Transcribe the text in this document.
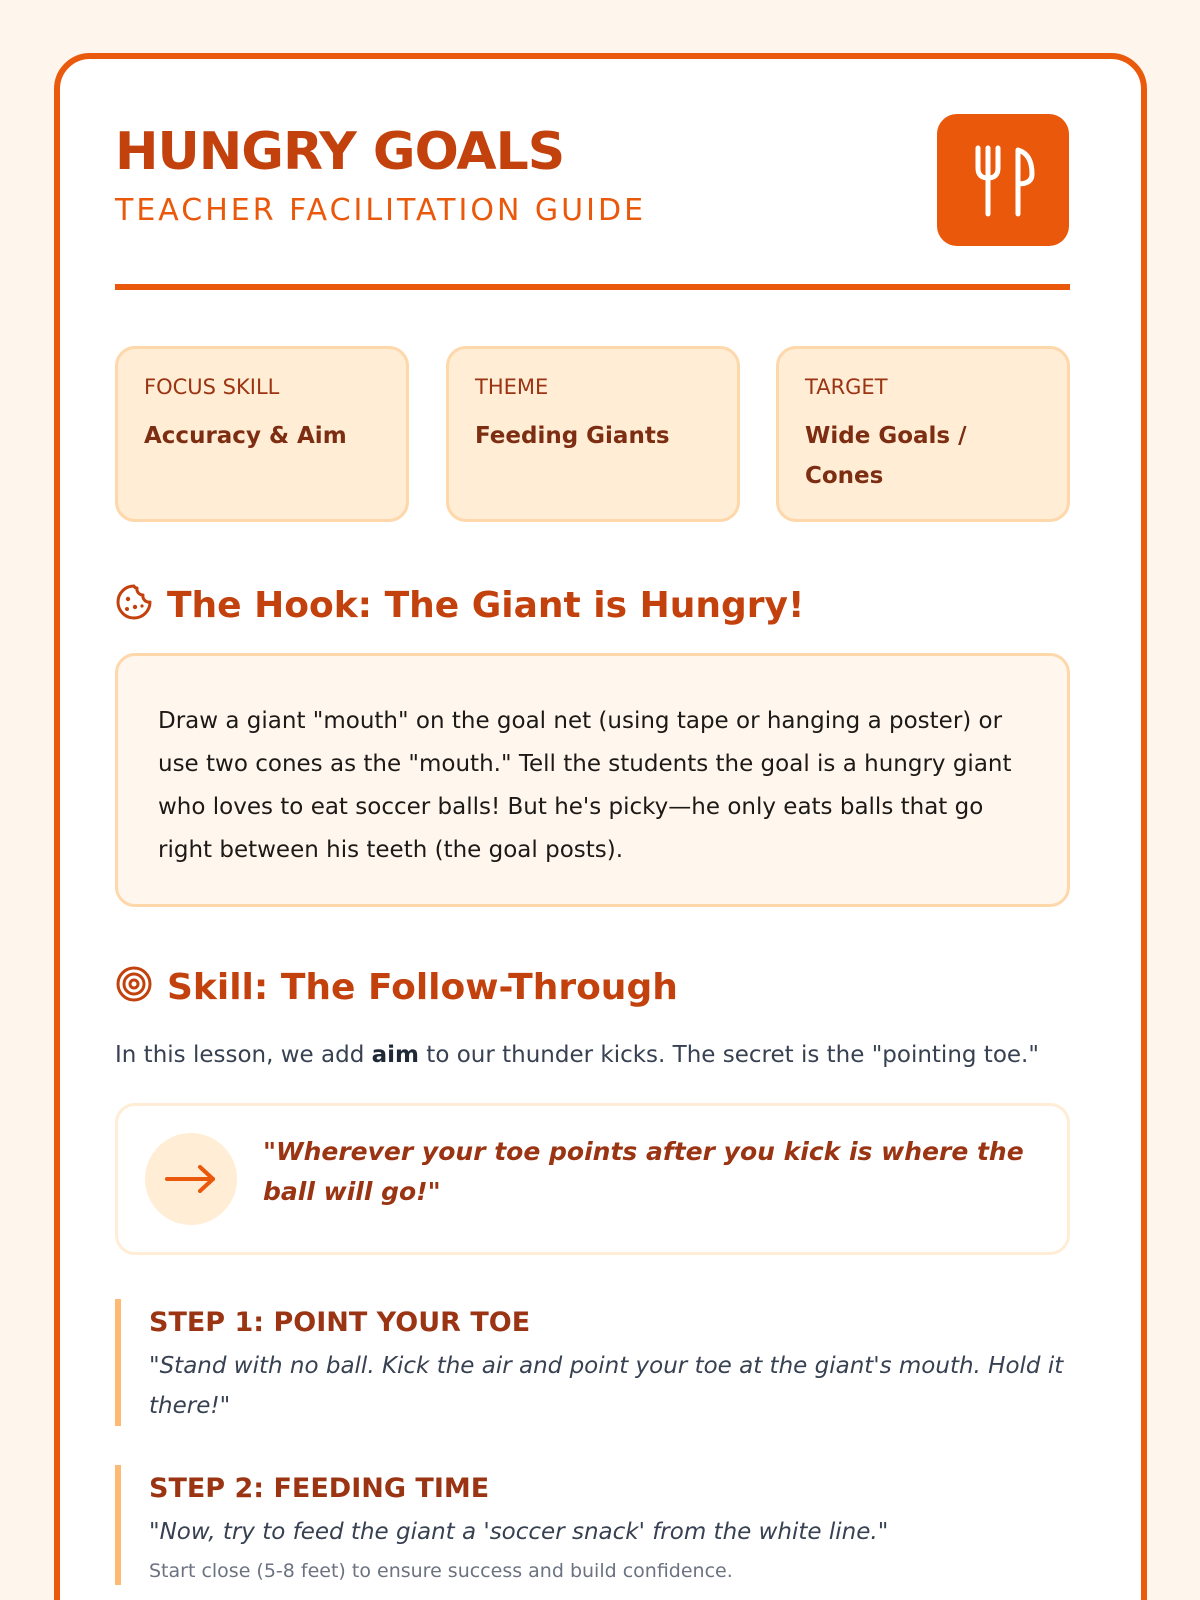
HUNGRY GOALS
TEACHER FACILITATION GUIDE
FOCUS SKILL
Accuracy & Aim
THEME
Feeding Giants
TARGET
Wide Goals / Cones
The Hook: The Giant is Hungry!

Draw a giant "mouth" on the goal net (using tape or hanging a poster) or use two cones as the "mouth." Tell the students the goal is a hungry giant who loves to eat soccer balls! But he's picky—he only eats balls that go right between his teeth (the goal posts).

Skill: The Follow-Through

In this lesson, we add aim to our thunder kicks. The secret is the "pointing toe."

"Wherever your toe points after you kick is where the ball will go!"
STEP 1: POINT YOUR TOE
"Stand with no ball. Kick the air and point your toe at the giant's mouth. Hold it there!"
STEP 2: FEEDING TIME
"Now, try to feed the giant a 'soccer snack' from the white line."
Start close (5-8 feet) to ensure success and build confidence.
